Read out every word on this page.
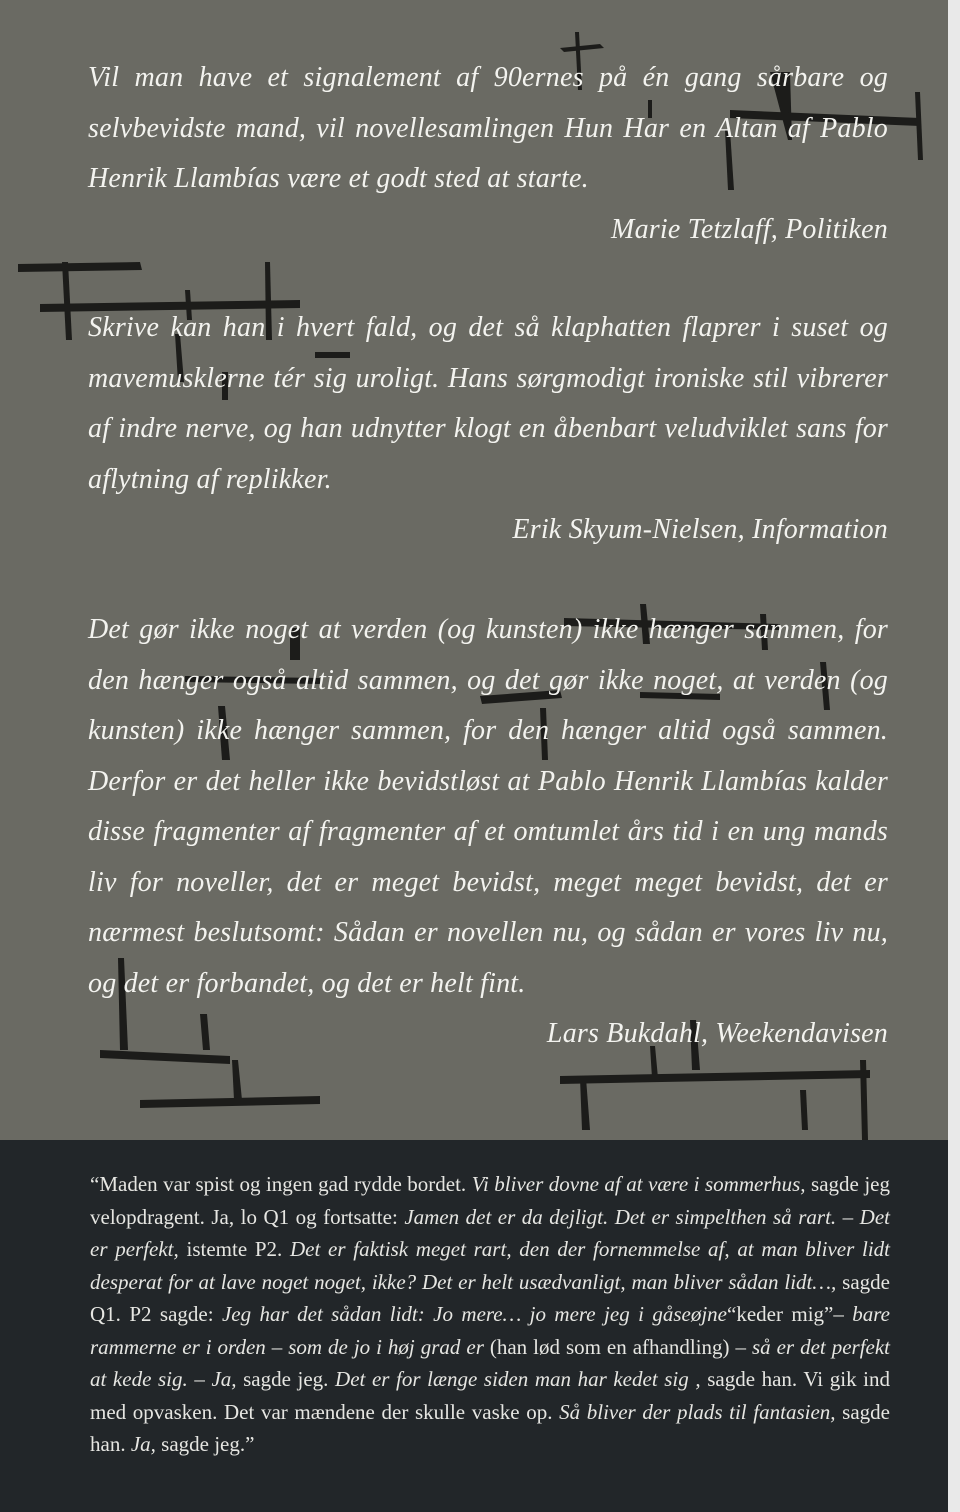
Vil man have et signalement af 90ernes på én gang sårbare og selvbevidste mand, vil novellesamlingen Hun Har en Altan af Pablo Henrik Llambías være et godt sted at starte.

Marie Tetzlaff, Politiken

Skrive kan han i hvert fald, og det så klaphatten flaprer i suset og mavemusklerne tér sig uroligt. Hans sørgmodigt ironiske stil vibrerer af indre nerve, og han udnytter klogt en åbenbart veludviklet sans for aflytning af replikker.

Erik Skyum-Nielsen, Information

Det gør ikke noget at verden (og kunsten) ikke hænger sammen, for den hænger også altid sammen, og det gør ikke noget, at verden (og kunsten) ikke hænger sammen, for den hænger altid også sammen. Derfor er det heller ikke bevidstløst at Pablo Henrik Llambías kalder disse fragmenter af fragmenter af et omtumlet års tid i en ung mands liv for noveller, det er meget bevidst, meget meget bevidst, det er nærmest beslutsomt: Sådan er novellen nu, og sådan er vores liv nu, og det er forbandet, og det er helt fint.

Lars Bukdahl, Weekendavisen

“Maden var spist og ingen gad rydde bordet. Vi bliver dovne af at være i sommerhus, sagde jeg velopdragent. Ja, lo Q1 og fortsatte: Jamen det er da dejligt. Det er simpelthen så rart. – Det er perfekt, istemte P2. Det er faktisk meget rart, den der fornemmelse af, at man bliver lidt desperat for at lave noget noget, ikke? Det er helt usædvanligt, man bliver sådan lidt…, sagde Q1. P2 sagde: Jeg har det sådan lidt: Jo mere… jo mere jeg i gåseøjne“keder mig”– bare rammerne er i orden – som de jo i høj grad er (han lød som en afhandling) – så er det perfekt at kede sig. – Ja, sagde jeg. Det er for længe siden man har kedet sig , sagde han. Vi gik ind med opvasken. Det var mændene der skulle vaske op. Så bliver der plads til fantasien, sagde han. Ja, sagde jeg.”
